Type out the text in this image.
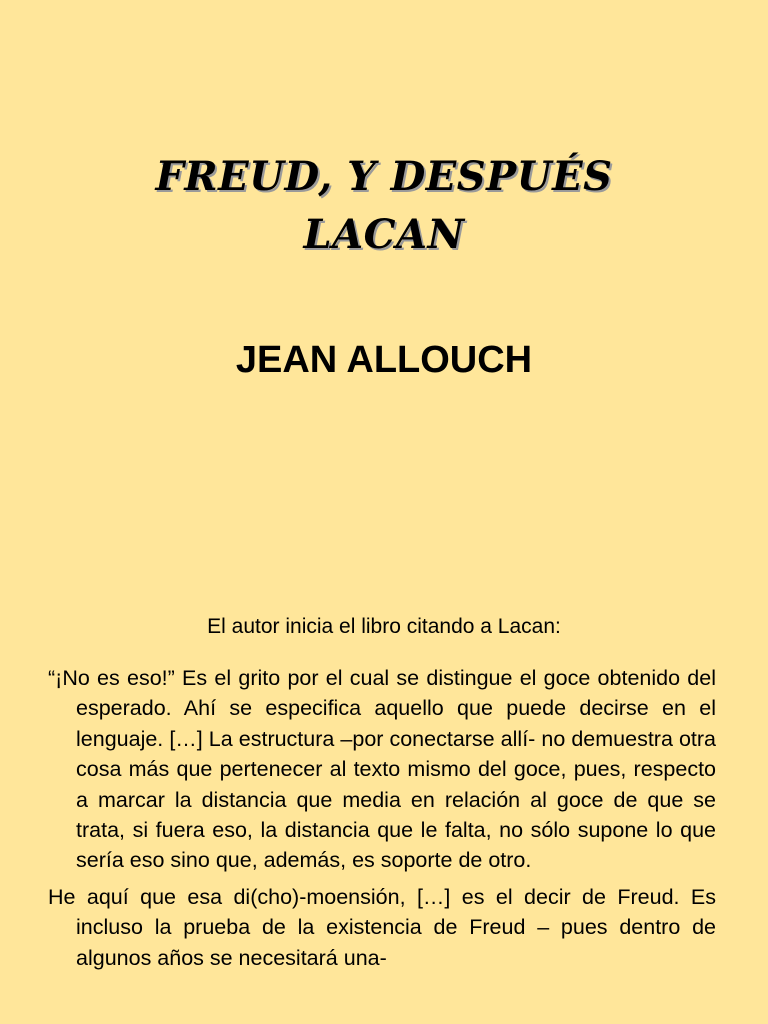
FREUD, Y DESPUÉS
LACAN
JEAN ALLOUCH
El autor inicia el libro citando a Lacan:

“¡No es eso!” Es el grito por el cual se distingue el goce obtenido del esperado. Ahí se especifica aquello que puede decirse en el lenguaje. […] La estructura –por conectarse allí- no demuestra otra cosa más que pertenecer al texto mismo del goce, pues, respecto a marcar la distancia que media en relación al goce de que se trata, si fuera eso, la distancia que le falta, no sólo supone lo que sería eso sino que, además, es soporte de otro.

He aquí que esa di(cho)-moensión, […] es el decir de Freud. Es incluso la prueba de la existencia de Freud – pues dentro de algunos años se necesitará una-
